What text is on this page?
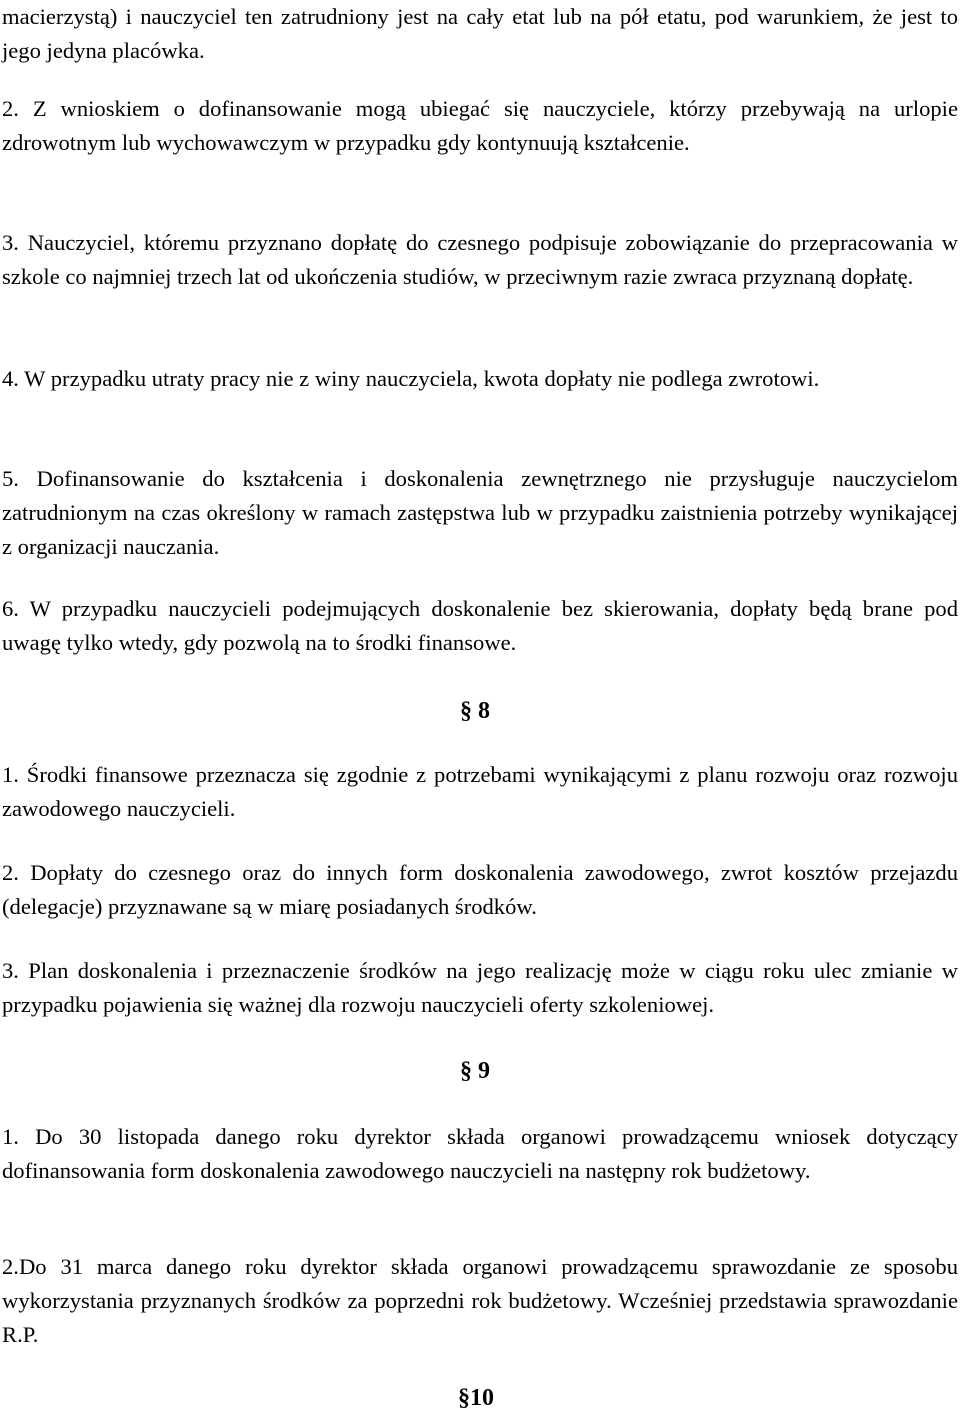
macierzystą) i nauczyciel ten zatrudniony jest na cały etat lub na pół etatu, pod warunkiem, że jest to jego jedyna placówka.
2. Z wnioskiem o dofinansowanie mogą ubiegać się nauczyciele, którzy przebywają na urlopie zdrowotnym lub wychowawczym w przypadku gdy kontynuują kształcenie.
3. Nauczyciel, któremu przyznano dopłatę do czesnego podpisuje zobowiązanie do przepracowania w szkole co najmniej trzech lat od ukończenia studiów, w przeciwnym razie zwraca przyznaną dopłatę.
4. W przypadku utraty pracy nie z winy nauczyciela, kwota dopłaty nie podlega zwrotowi.
5. Dofinansowanie do kształcenia i doskonalenia zewnętrznego nie przysługuje nauczycielom zatrudnionym na czas określony w ramach zastępstwa lub w przypadku zaistnienia potrzeby wynikającej z organizacji nauczania.
6. W przypadku nauczycieli podejmujących doskonalenie bez skierowania, dopłaty będą brane pod uwagę tylko wtedy, gdy pozwolą na to środki finansowe.
§ 8
1. Środki finansowe przeznacza się zgodnie z potrzebami wynikającymi z planu rozwoju oraz rozwoju zawodowego nauczycieli.
2. Dopłaty do czesnego oraz do innych form doskonalenia zawodowego, zwrot kosztów przejazdu (delegacje) przyznawane są w miarę posiadanych środków.
3. Plan doskonalenia i przeznaczenie środków na jego realizację może w ciągu roku ulec zmianie w przypadku pojawienia się ważnej dla rozwoju nauczycieli oferty szkoleniowej.
§ 9
1. Do 30 listopada danego roku dyrektor składa organowi prowadzącemu wniosek dotyczący dofinansowania form doskonalenia zawodowego nauczycieli na następny rok budżetowy.
2.Do 31 marca danego roku dyrektor składa organowi prowadzącemu sprawozdanie ze sposobu wykorzystania przyznanych środków za poprzedni rok budżetowy. Wcześniej przedstawia sprawozdanie R.P.
§10
